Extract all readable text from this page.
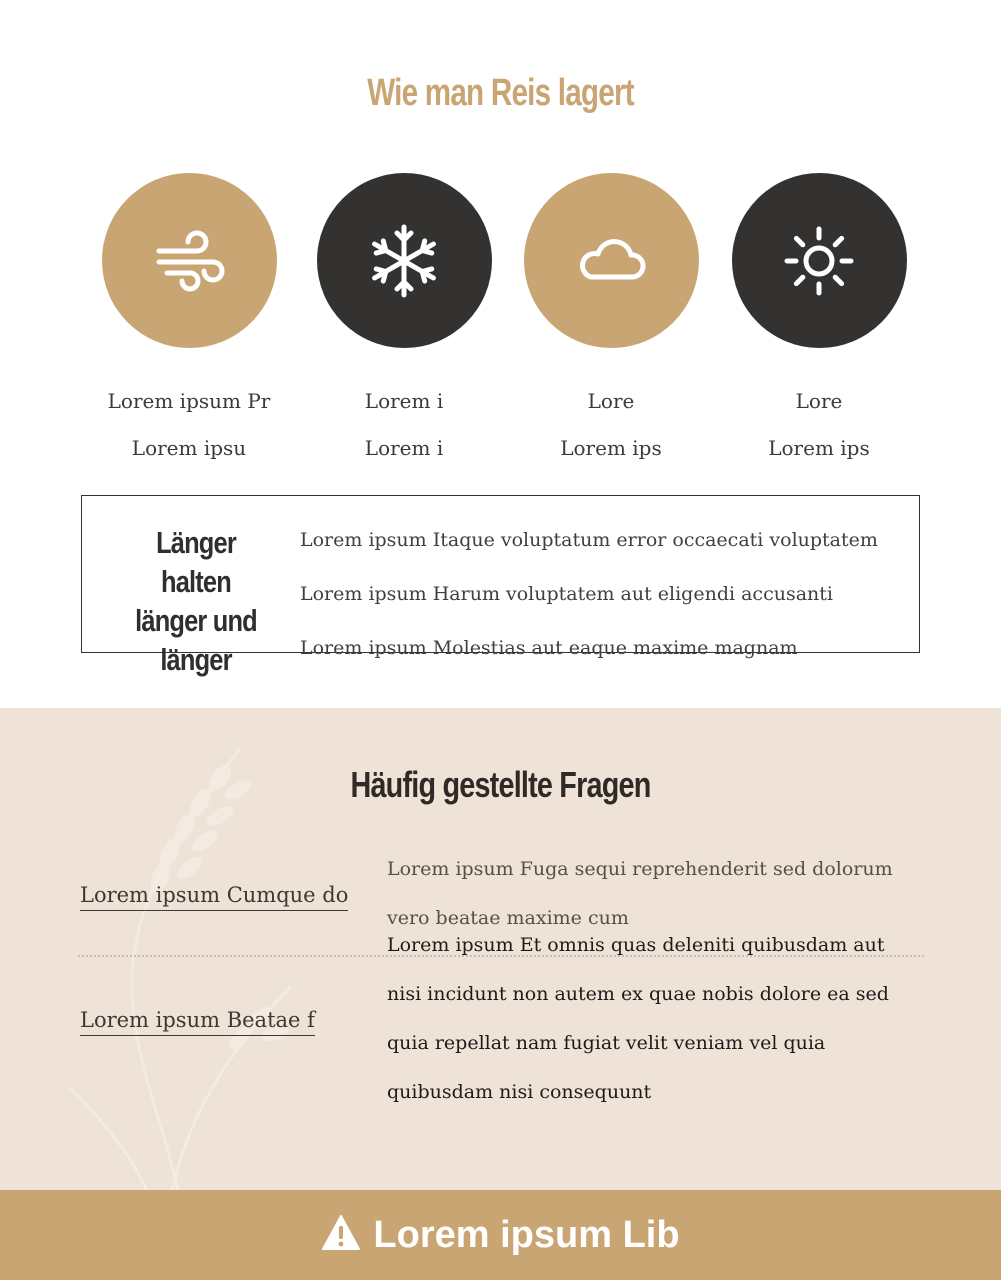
Wie man Reis lagert
Lorem ipsum Pr
Lorem ipsu
Lorem i
Lorem i
Lore
Lorem ips
Lore
Lorem ips
Länger halten
länger und
länger
Lorem ipsum Itaque voluptatum error occaecati voluptatem
Lorem ipsum Harum voluptatem aut eligendi accusanti
Lorem ipsum Molestias aut eaque maxime magnam
Häufig gestellte Fragen
Lorem ipsum Cumque do
Lorem ipsum Fuga sequi reprehenderit sed dolorum
vero beatae maxime cum
Lorem ipsum Beatae f
Lorem ipsum Et omnis quas deleniti quibusdam aut
nisi incidunt non autem ex quae nobis dolore ea sed
quia repellat nam fugiat velit veniam vel quia
quibusdam nisi consequunt
Lorem ipsum Lib
